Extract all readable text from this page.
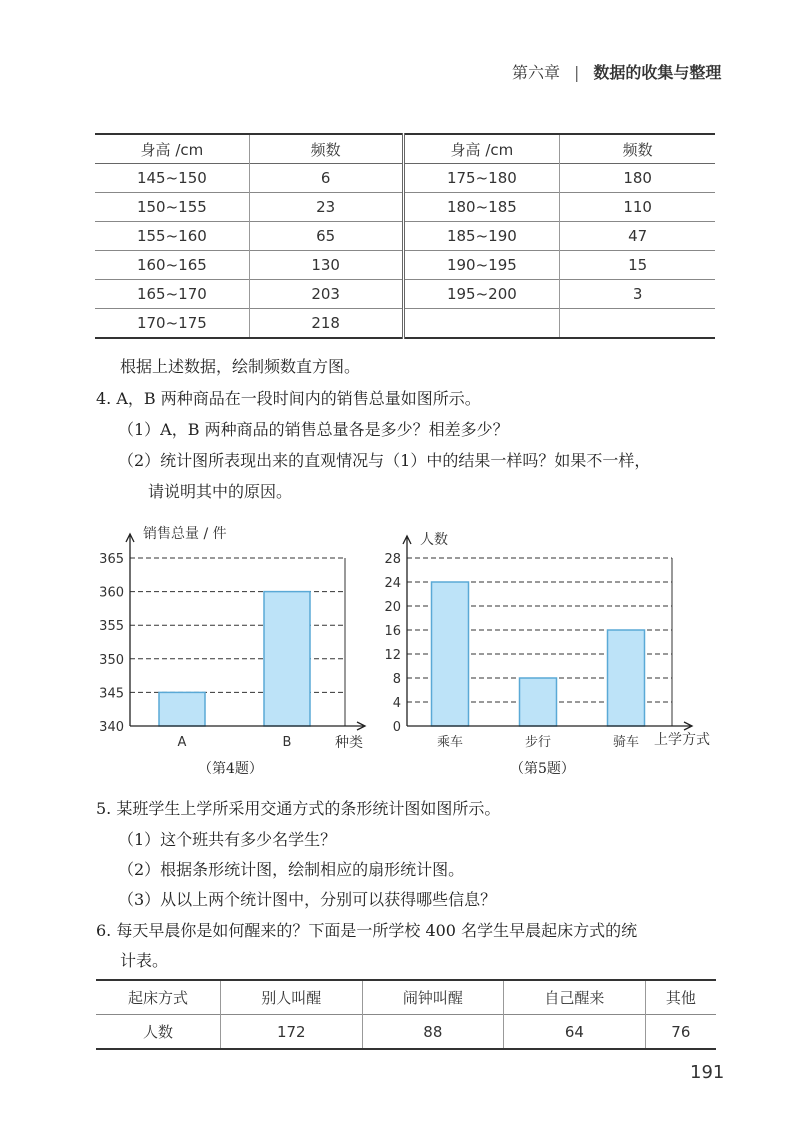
第六章 | 数据的收集与整理
身高 /cm	频数	身高 /cm	频数
145~150	6	175~180	180
150~155	23	180~185	110
155~160	65	185~190	47
160~165	130	190~195	15
165~170	203	195~200	3
170~175	218		
根据上述数据，绘制频数直方图。
4. A，B 两种商品在一段时间内的销售总量如图所示。
（1）A，B 两种商品的销售总量各是多少？相差多少？
（2）统计图所表现出来的直观情况与（1）中的结果一样吗？如果不一样，
请说明其中的原因。
340
345
350
355
360
365
A	B
销售总量 / 件
种类
（第4题）
0
4
8
12
16
20
24
28
乘车	步行	骑车
人数
上学方式
（第5题）
5. 某班学生上学所采用交通方式的条形统计图如图所示。
（1）这个班共有多少名学生？
（2）根据条形统计图，绘制相应的扇形统计图。
（3）从以上两个统计图中，分别可以获得哪些信息？
6. 每天早晨你是如何醒来的？下面是一所学校 400 名学生早晨起床方式的统
计表。
起床方式	别人叫醒	闹钟叫醒	自己醒来	其他
人数	172	88	64	76
191
